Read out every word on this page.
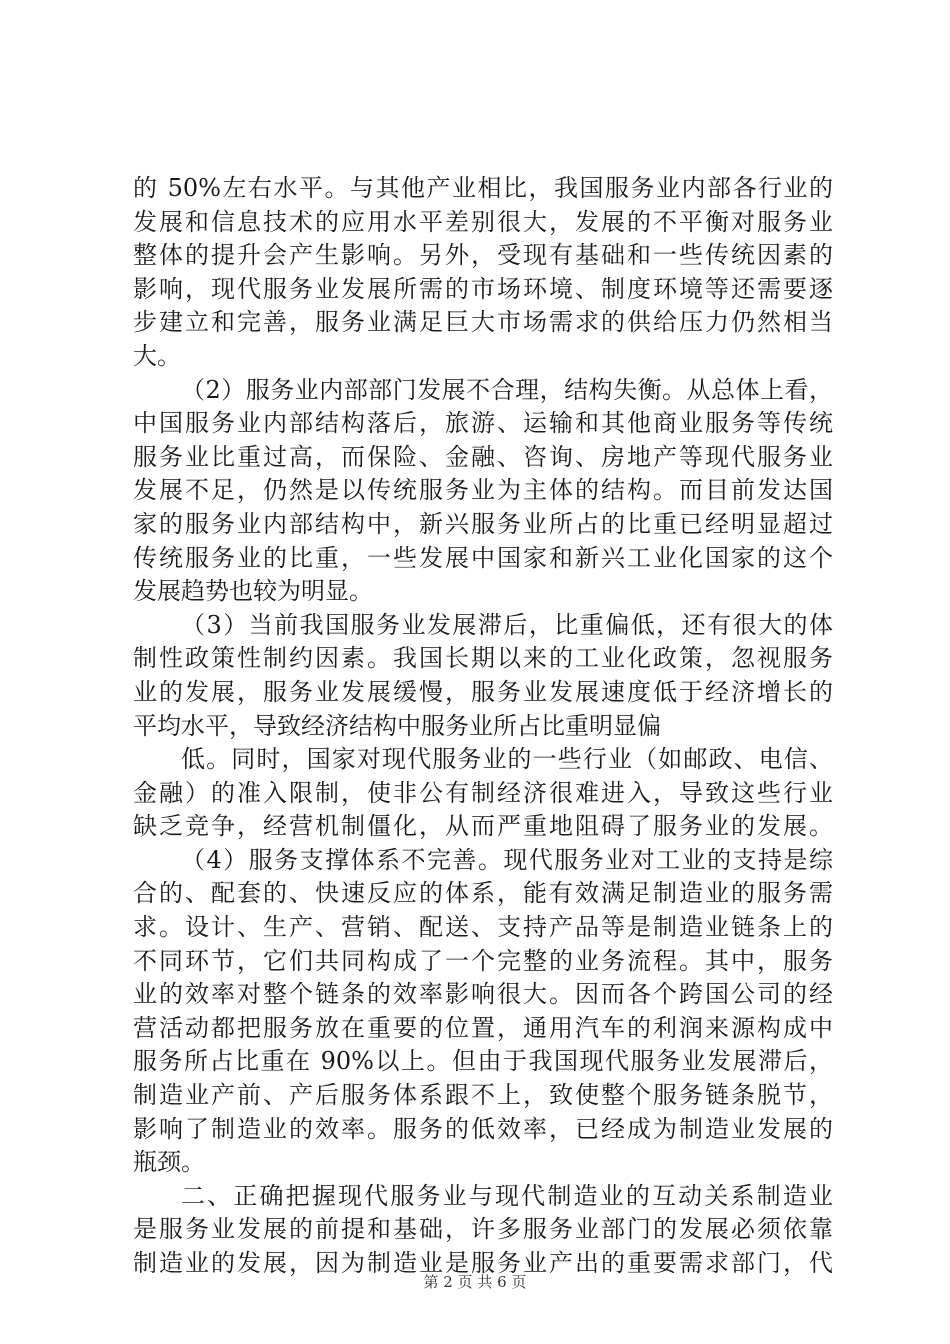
的 50%左右水平。与其他产业相比，我国服务业内部各行业的
发展和信息技术的应用水平差别很大，发展的不平衡对服务业
整体的提升会产生影响。另外，受现有基础和一些传统因素的
影响，现代服务业发展所需的市场环境、制度环境等还需要逐
步建立和完善，服务业满足巨大市场需求的供给压力仍然相当
大。
（2）服务业内部部门发展不合理，结构失衡。从总体上看，
中国服务业内部结构落后，旅游、运输和其他商业服务等传统
服务业比重过高，而保险、金融、咨询、房地产等现代服务业
发展不足，仍然是以传统服务业为主体的结构。而目前发达国
家的服务业内部结构中，新兴服务业所占的比重已经明显超过
传统服务业的比重，一些发展中国家和新兴工业化国家的这个
发展趋势也较为明显。
（3）当前我国服务业发展滞后，比重偏低，还有很大的体
制性政策性制约因素。我国长期以来的工业化政策，忽视服务
业的发展，服务业发展缓慢，服务业发展速度低于经济增长的
平均水平，导致经济结构中服务业所占比重明显偏
低。同时，国家对现代服务业的一些行业（如邮政、电信、
金融）的准入限制，使非公有制经济很难进入，导致这些行业
缺乏竞争，经营机制僵化，从而严重地阻碍了服务业的发展。
（4）服务支撑体系不完善。现代服务业对工业的支持是综
合的、配套的、快速反应的体系，能有效满足制造业的服务需
求。设计、生产、营销、配送、支持产品等是制造业链条上的
不同环节，它们共同构成了一个完整的业务流程。其中，服务
业的效率对整个链条的效率影响很大。因而各个跨国公司的经
营活动都把服务放在重要的位置，通用汽车的利润来源构成中
服务所占比重在 90%以上。但由于我国现代服务业发展滞后，
制造业产前、产后服务体系跟不上，致使整个服务链条脱节，
影响了制造业的效率。服务的低效率，已经成为制造业发展的
瓶颈。
二、正确把握现代服务业与现代制造业的互动关系制造业
是服务业发展的前提和基础，许多服务业部门的发展必须依靠
制造业的发展，因为制造业是服务业产出的重要需求部门，代
第 2 页 共 6 页
